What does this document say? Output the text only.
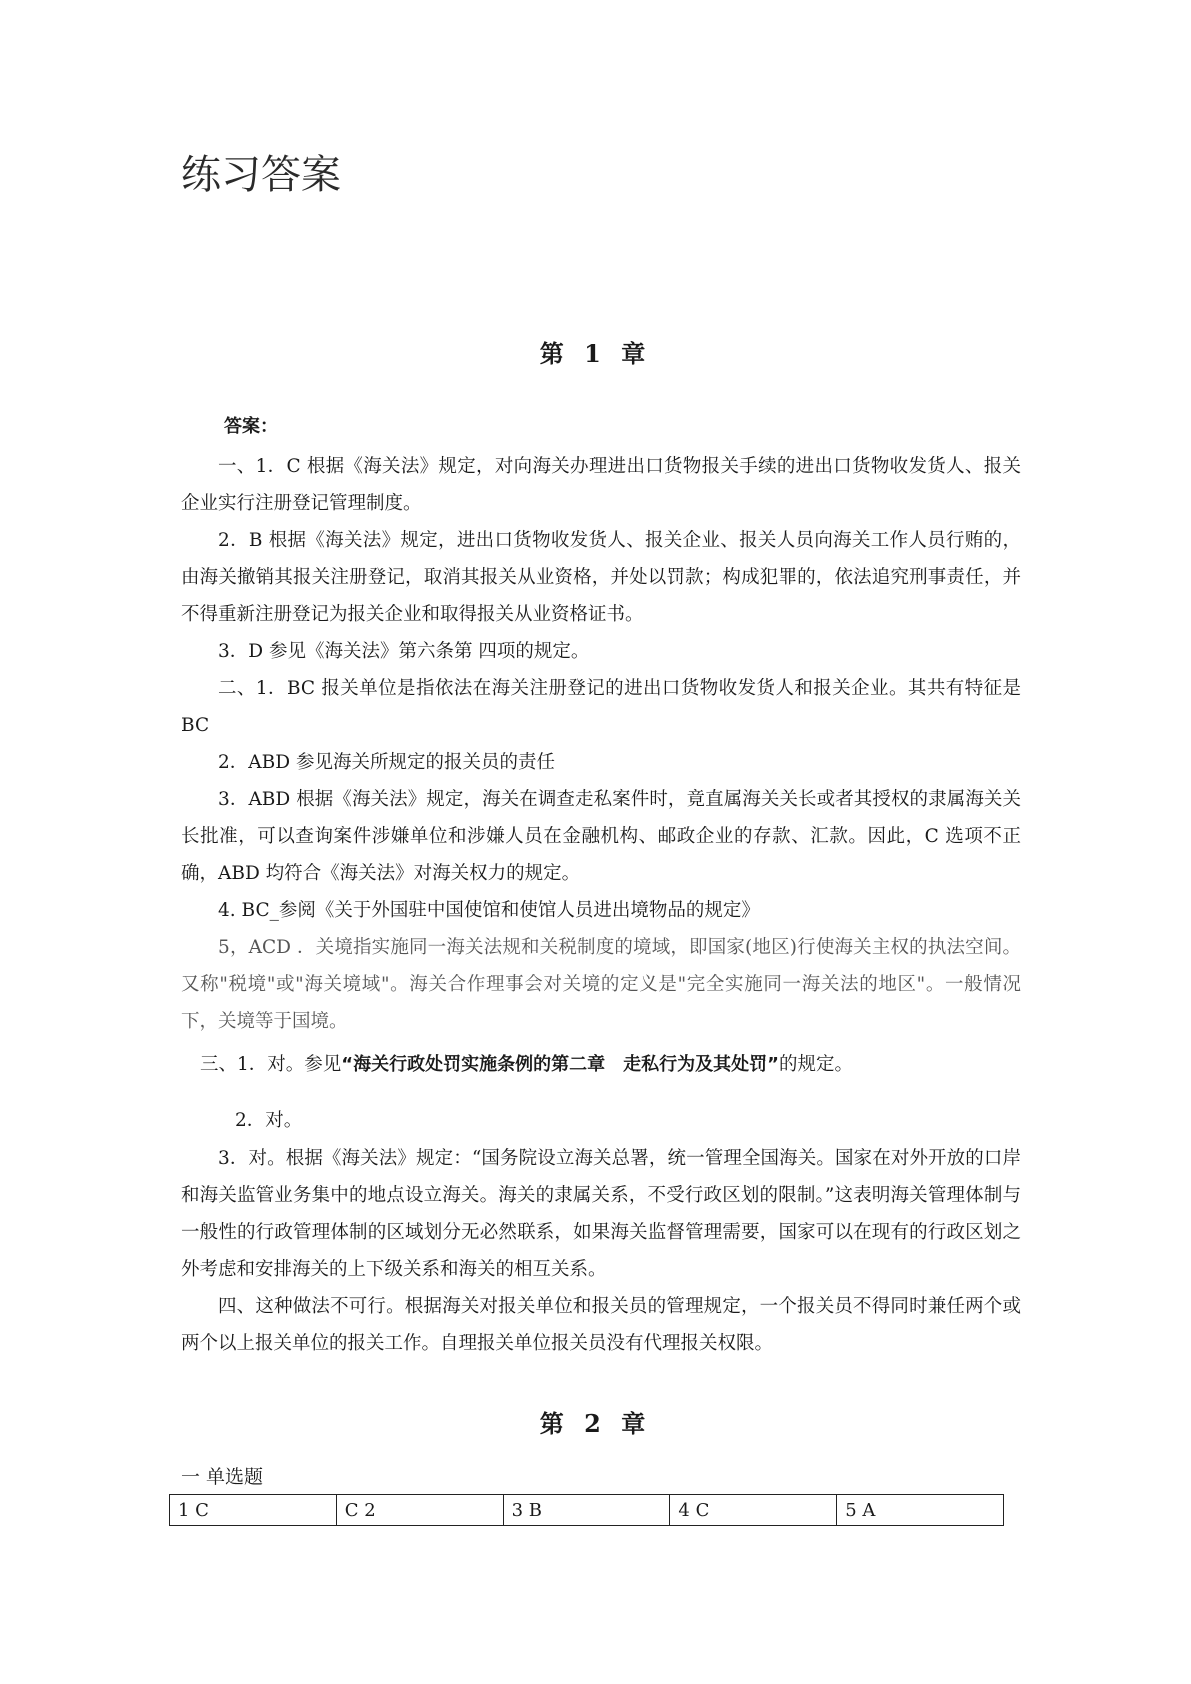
练习答案
第 1 章
答案：

一、1．C 根据《海关法》规定，对向海关办理进出口货物报关手续的进出口货物收发货人、报关企业实行注册登记管理制度。

2．B 根据《海关法》规定，进出口货物收发货人、报关企业、报关人员向海关工作人员行贿的，由海关撤销其报关注册登记，取消其报关从业资格，并处以罚款；构成犯罪的，依法追究刑事责任，并不得重新注册登记为报关企业和取得报关从业资格证书。

3．D 参见《海关法》第六条第 四项的规定。

二、1．BC 报关单位是指依法在海关注册登记的进出口货物收发货人和报关企业。其共有特征是 BC

2．ABD 参见海关所规定的报关员的责任

3．ABD 根据《海关法》规定，海关在调查走私案件时，竟直属海关关长或者其授权的隶属海关关长批准，可以查询案件涉嫌单位和涉嫌人员在金融机构、邮政企业的存款、汇款。因此，C 选项不正确，ABD 均符合《海关法》对海关权力的规定。

4. BC_参阅《关于外国驻中国使馆和使馆人员进出境物品的规定》

5，ACD ．关境指实施同一海关法规和关税制度的境域，即国家(地区)行使海关主权的执法空间。又称"税境"或"海关境域"。海关合作理事会对关境的定义是"完全实施同一海关法的地区"。一般情况下，关境等于国境。

三、1．对。参见“海关行政处罚实施条例的第二章　走私行为及其处罚”的规定。

2．对。

3．对。根据《海关法》规定：“国务院设立海关总署，统一管理全国海关。国家在对外开放的口岸和海关监管业务集中的地点设立海关。海关的隶属关系，不受行政区划的限制。”这表明海关管理体制与一般性的行政管理体制的区域划分无必然联系，如果海关监督管理需要，国家可以在现有的行政区划之外考虑和安排海关的上下级关系和海关的相互关系。

四、这种做法不可行。根据海关对报关单位和报关员的管理规定，一个报关员不得同时兼任两个或两个以上报关单位的报关工作。自理报关单位报关员没有代理报关权限。

第 2 章
一 单选题
1 C	C 2	3 B	4 C	5 A
